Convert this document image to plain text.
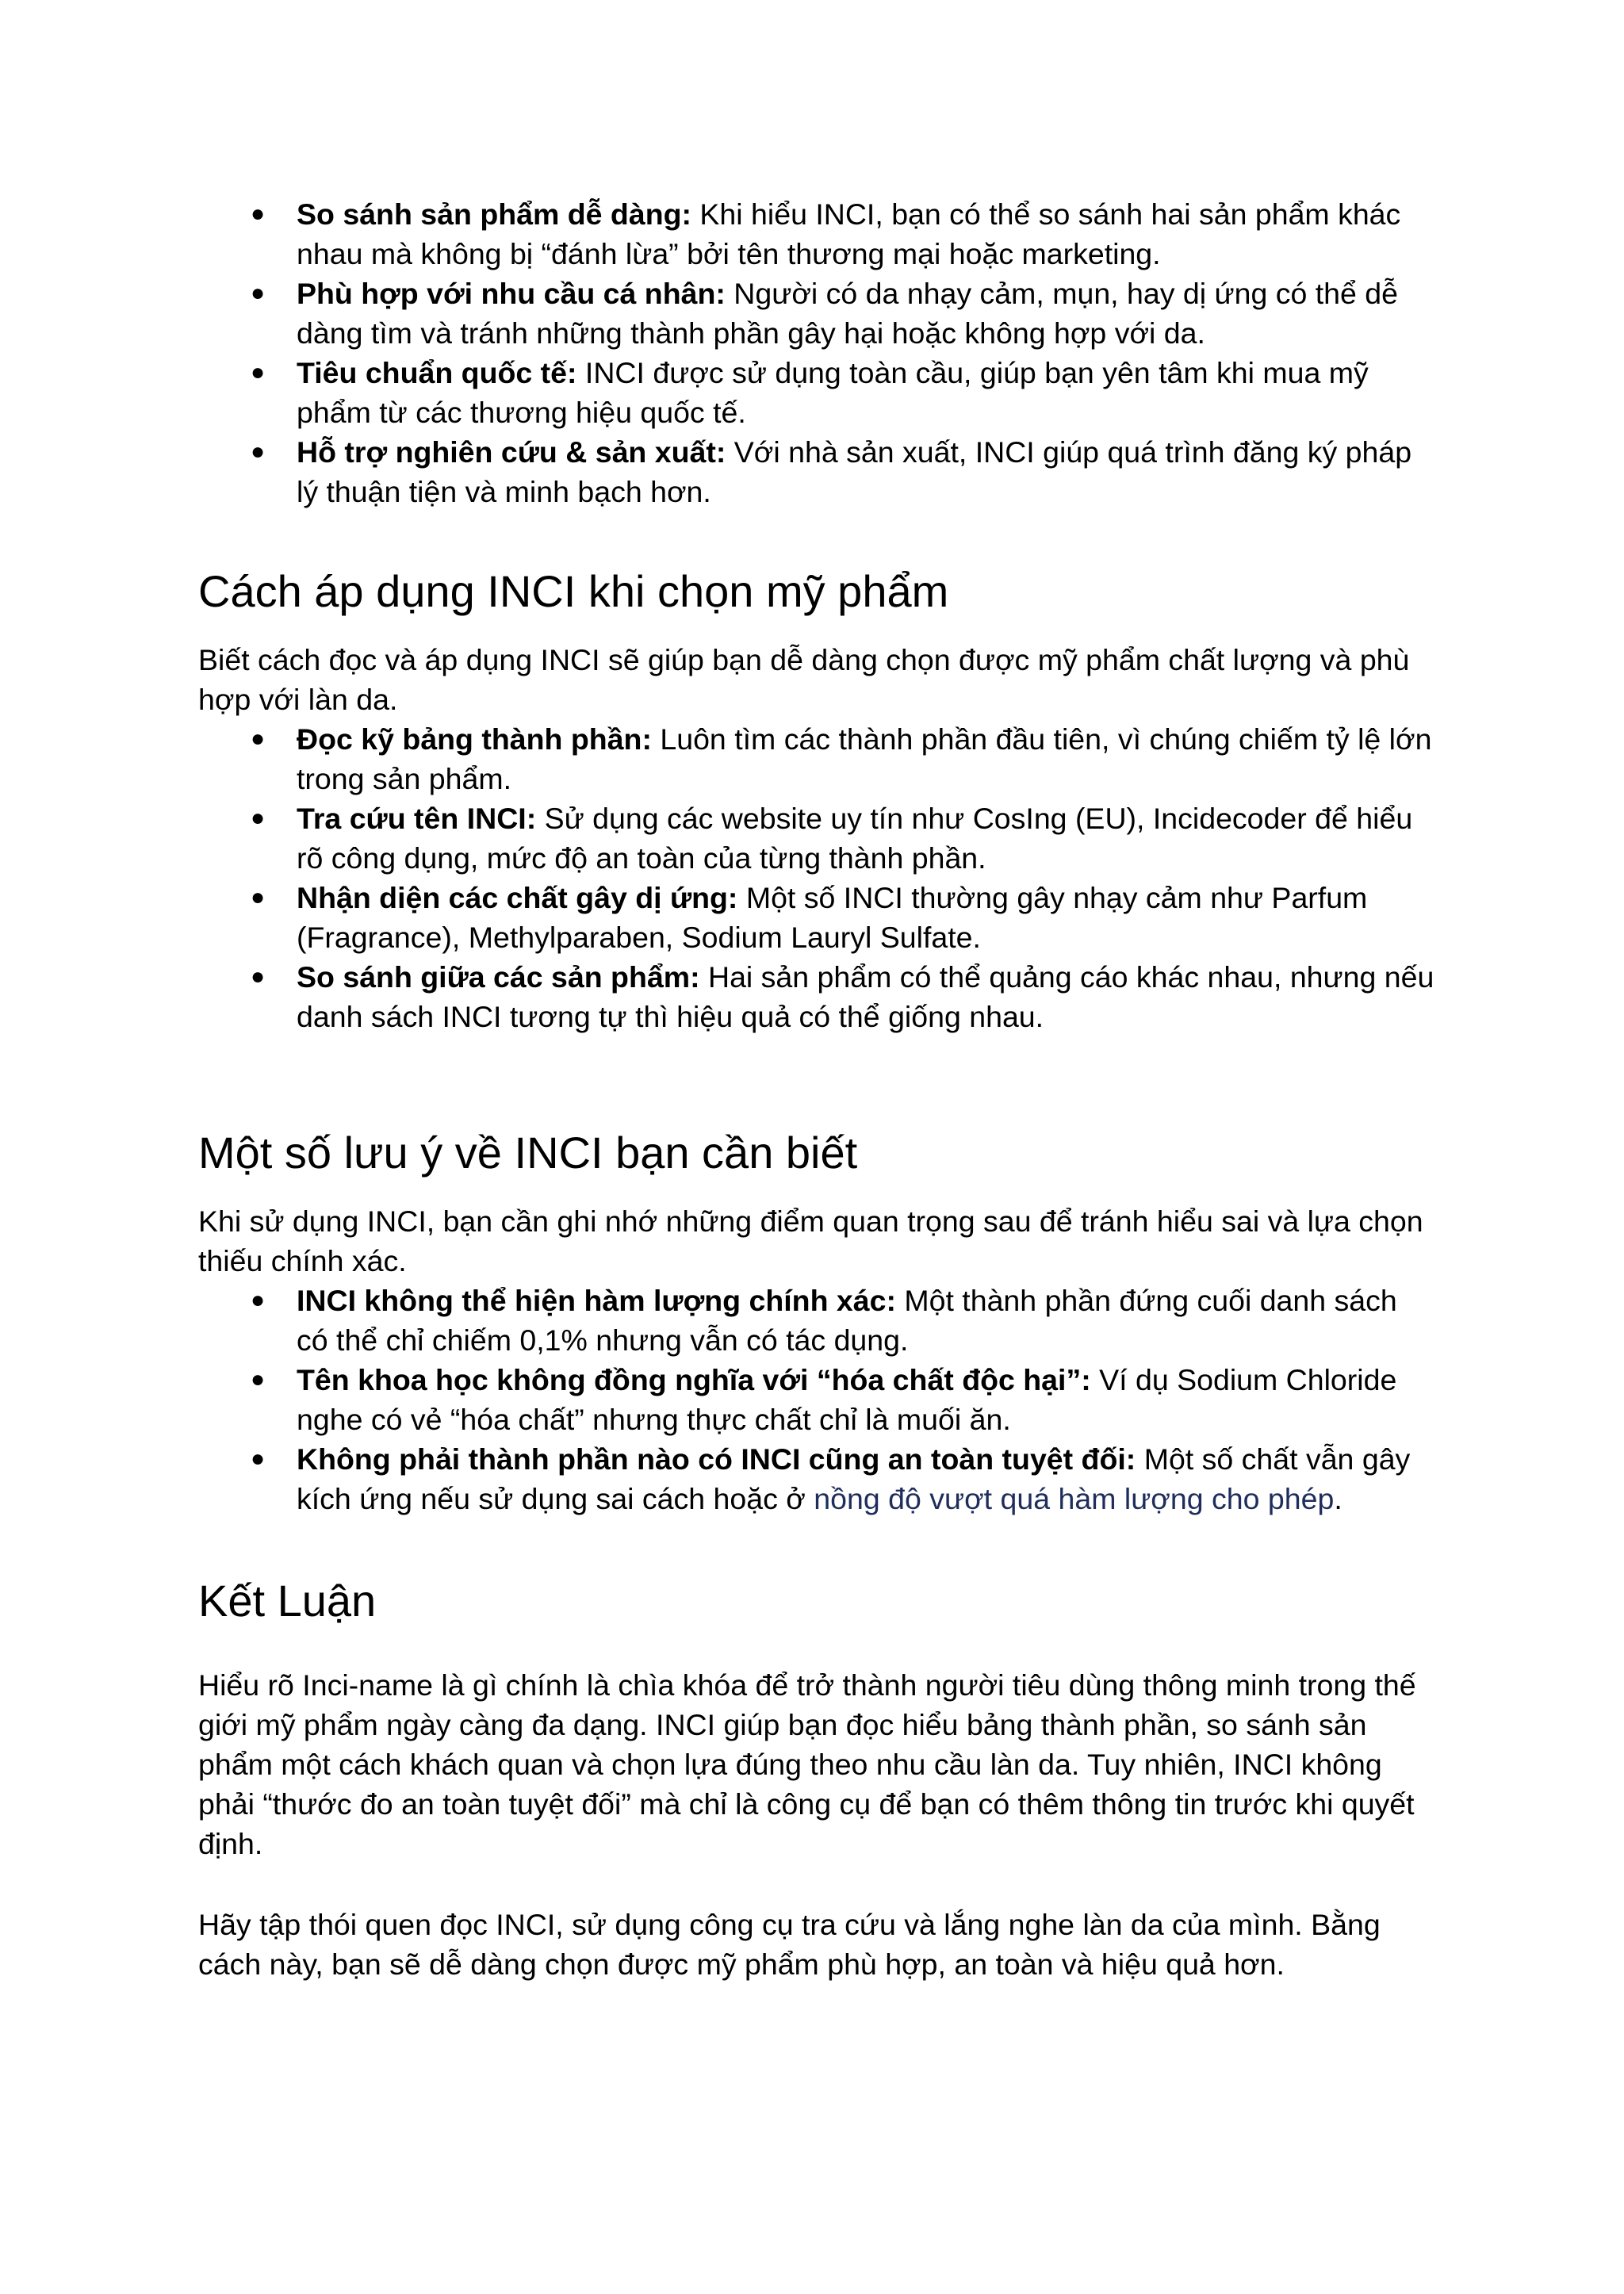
● So sánh sản phẩm dễ dàng: Khi hiểu INCI, bạn có thể so sánh hai sản phẩm khác nhau mà không bị “đánh lừa” bởi tên thương mại hoặc marketing.
● Phù hợp với nhu cầu cá nhân: Người có da nhạy cảm, mụn, hay dị ứng có thể dễ dàng tìm và tránh những thành phần gây hại hoặc không hợp với da.
● Tiêu chuẩn quốc tế: INCI được sử dụng toàn cầu, giúp bạn yên tâm khi mua mỹ phẩm từ các thương hiệu quốc tế.
● Hỗ trợ nghiên cứu & sản xuất: Với nhà sản xuất, INCI giúp quá trình đăng ký pháp lý thuận tiện và minh bạch hơn.
Cách áp dụng INCI khi chọn mỹ phẩm

Biết cách đọc và áp dụng INCI sẽ giúp bạn dễ dàng chọn được mỹ phẩm chất lượng và phù hợp với làn da.

● Đọc kỹ bảng thành phần: Luôn tìm các thành phần đầu tiên, vì chúng chiếm tỷ lệ lớn trong sản phẩm.
● Tra cứu tên INCI: Sử dụng các website uy tín như CosIng (EU), Incidecoder để hiểu rõ công dụng, mức độ an toàn của từng thành phần.
● Nhận diện các chất gây dị ứng: Một số INCI thường gây nhạy cảm như Parfum (Fragrance), Methylparaben, Sodium Lauryl Sulfate.
● So sánh giữa các sản phẩm: Hai sản phẩm có thể quảng cáo khác nhau, nhưng nếu danh sách INCI tương tự thì hiệu quả có thể giống nhau.
Một số lưu ý về INCI bạn cần biết

Khi sử dụng INCI, bạn cần ghi nhớ những điểm quan trọng sau để tránh hiểu sai và lựa chọn thiếu chính xác.

● INCI không thể hiện hàm lượng chính xác: Một thành phần đứng cuối danh sách có thể chỉ chiếm 0,1% nhưng vẫn có tác dụng.
● Tên khoa học không đồng nghĩa với “hóa chất độc hại”: Ví dụ Sodium Chloride nghe có vẻ “hóa chất” nhưng thực chất chỉ là muối ăn.
● Không phải thành phần nào có INCI cũng an toàn tuyệt đối: Một số chất vẫn gây kích ứng nếu sử dụng sai cách hoặc ở nồng độ vượt quá hàm lượng cho phép.
Kết Luận

Hiểu rõ Inci-name là gì chính là chìa khóa để trở thành người tiêu dùng thông minh trong thế giới mỹ phẩm ngày càng đa dạng. INCI giúp bạn đọc hiểu bảng thành phần, so sánh sản phẩm một cách khách quan và chọn lựa đúng theo nhu cầu làn da. Tuy nhiên, INCI không phải “thước đo an toàn tuyệt đối” mà chỉ là công cụ để bạn có thêm thông tin trước khi quyết định.

Hãy tập thói quen đọc INCI, sử dụng công cụ tra cứu và lắng nghe làn da của mình. Bằng cách này, bạn sẽ dễ dàng chọn được mỹ phẩm phù hợp, an toàn và hiệu quả hơn.
